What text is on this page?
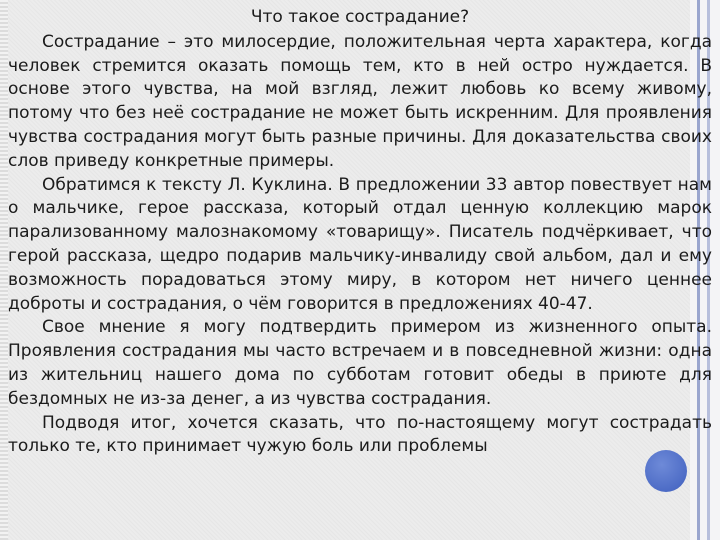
Что такое сострадание?

Сострадание – это милосердие, положительная черта характера, когда человек стремится оказать помощь тем, кто в ней остро нуждается. В основе этого чувства, на мой взгляд, лежит любовь ко всему живому, потому что без неё сострадание не может быть искренним. Для проявления чувства сострадания могут быть разные причины. Для доказательства своих слов приведу конкретные примеры.

Обратимся к тексту Л. Куклина. В предложении 33 автор повествует нам о мальчике, герое рассказа, который отдал ценную коллекцию марок парализованному малознакомому «товарищу». Писатель подчёркивает, что герой рассказа, щедро подарив мальчику-инвалиду свой альбом, дал и ему возможность порадоваться этому миру, в котором нет ничего ценнее доброты и сострадания, о чём говорится в предложениях 40-47.

Свое мнение я могу подтвердить примером из жизненного опыта. Проявления сострадания мы часто встречаем и в повседневной жизни: одна из жительниц нашего дома по субботам готовит обеды в приюте для бездомных не из-за денег, а из чувства сострадания.

Подводя итог, хочется сказать, что по-настоящему могут сострадать только те, кто принимает чужую боль или проблемы
